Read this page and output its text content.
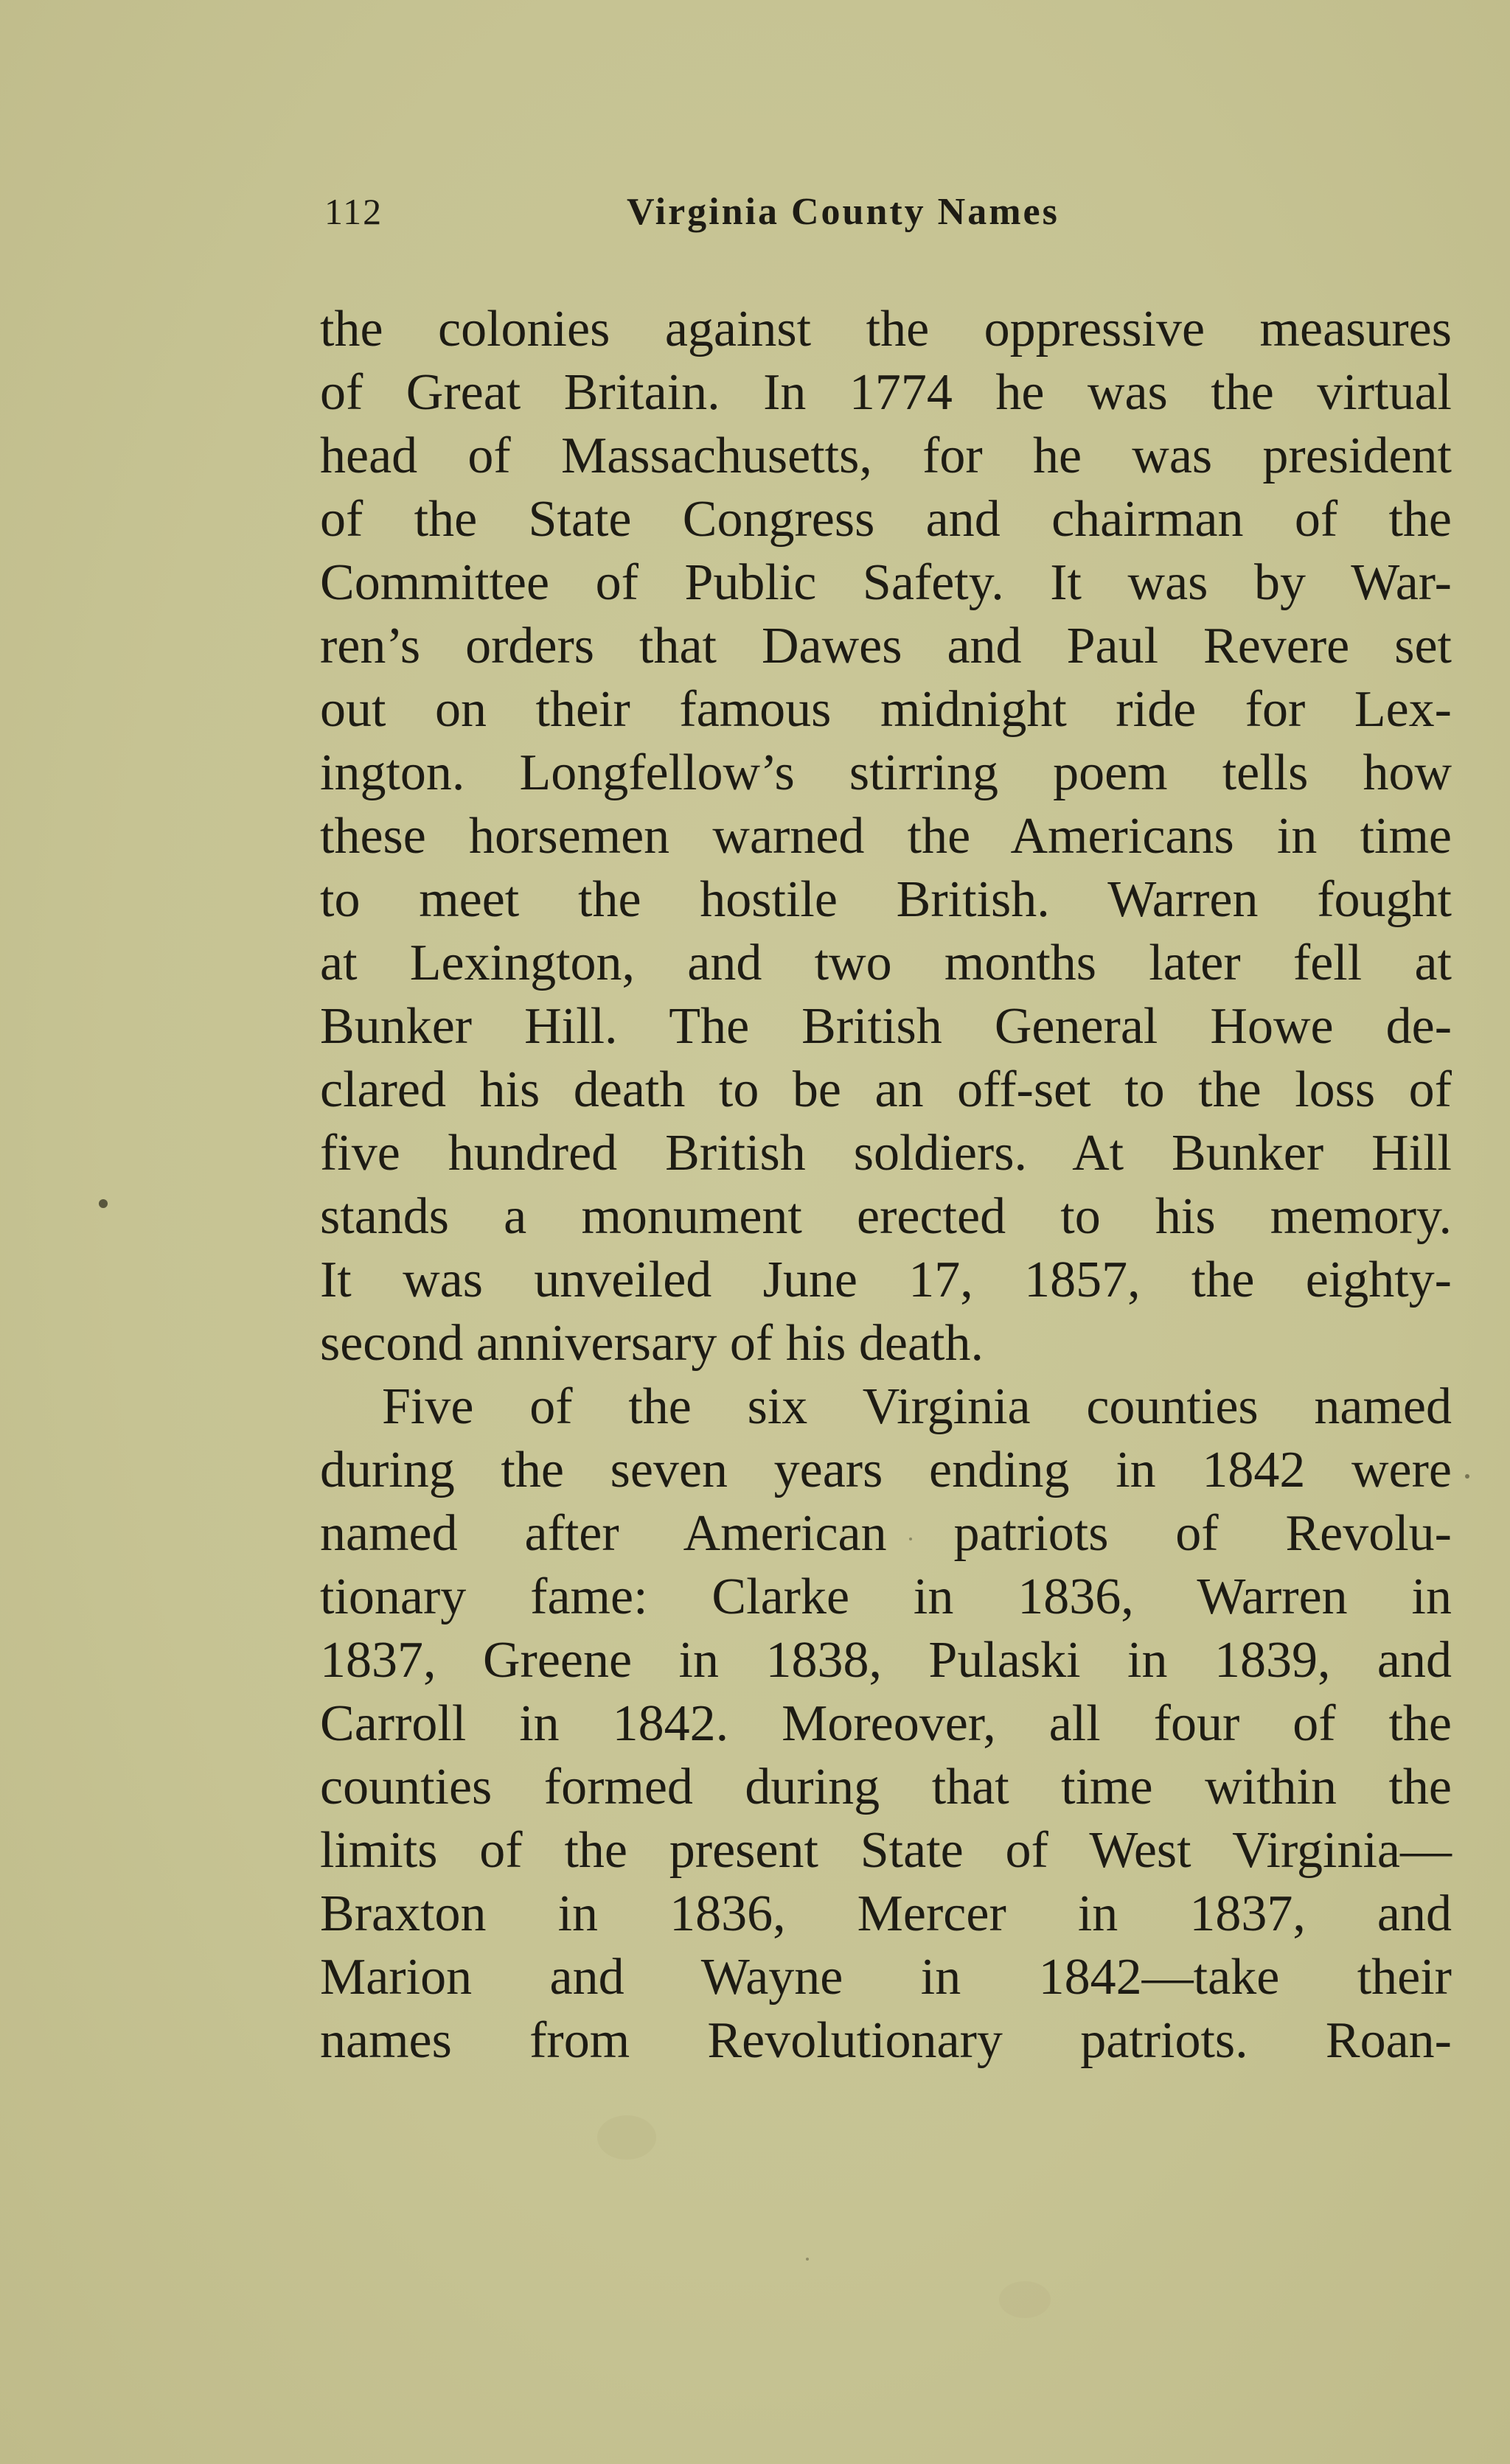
112	Virginia County Names
the colonies against the oppressive measures
of Great Britain. In 1774 he was the virtual
head of Massachusetts, for he was president
of the State Congress and chairman of the
Committee of Public Safety. It was by War-
ren’s orders that Dawes and Paul Revere set
out on their famous midnight ride for Lex-
ington. Longfellow’s stirring poem tells how
these horsemen warned the Americans in time
to meet the hostile British. Warren fought
at Lexington, and two months later fell at
Bunker Hill. The British General Howe de-
clared his death to be an off-set to the loss of
five hundred British soldiers. At Bunker Hill
stands a monument erected to his memory.
It was unveiled June 17, 1857, the eighty-
second anniversary of his death.
Five of the six Virginia counties named
during the seven years ending in 1842 were
named after American patriots of Revolu-
tionary fame: Clarke in 1836, Warren in
1837, Greene in 1838, Pulaski in 1839, and
Carroll in 1842. Moreover, all four of the
counties formed during that time within the
limits of the present State of West Virginia—
Braxton in 1836, Mercer in 1837, and
Marion and Wayne in 1842—take their
names from Revolutionary patriots. Roan-
